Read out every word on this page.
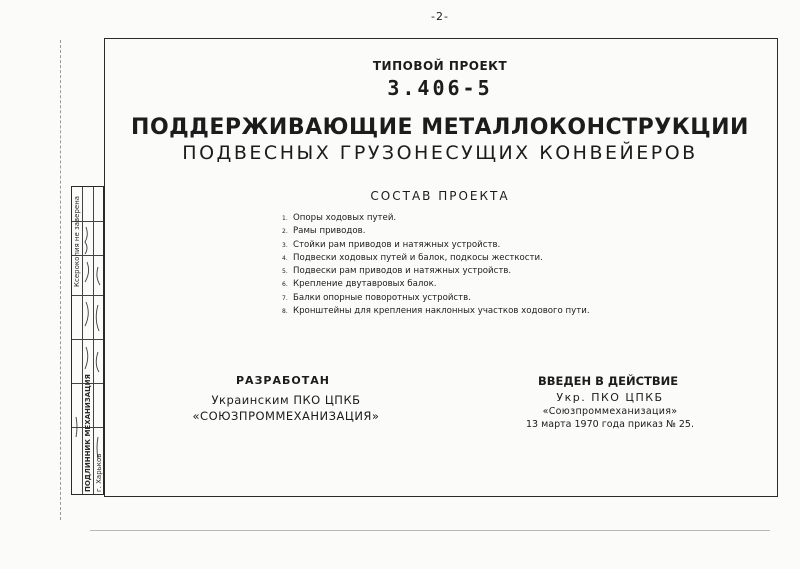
-2-
Ксерокопия не заверена
ПОДЛИННИК МЕХАНИЗАЦИЯ г. Харьков
ТИПОВОЙ ПРОЕКТ
3.406-5
ПОДДЕРЖИВАЮЩИЕ МЕТАЛЛОКОНСТРУКЦИИ
ПОДВЕСНЫХ ГРУЗОНЕСУЩИХ КОНВЕЙЕРОВ
СОСТАВ ПРОЕКТА
1. Опоры ходовых путей.
2. Рамы приводов.
3. Стойки рам приводов и натяжных устройств.
4. Подвески ходовых путей и балок, подкосы жесткости.
5. Подвески рам приводов и натяжных устройств.
6. Крепление двутавровых балок.
7. Балки опорные поворотных устройств.
8. Кронштейны для крепления наклонных участков ходового пути.
РАЗРАБОТАН
Украинским ПКО ЦПКБ
«СОЮЗПРОММЕХАНИЗАЦИЯ»
ВВЕДЕН В ДЕЙСТВИЕ
Укр. ПКО ЦПКБ
«Союзпроммеханизация»
13 марта 1970 года приказ № 25.
